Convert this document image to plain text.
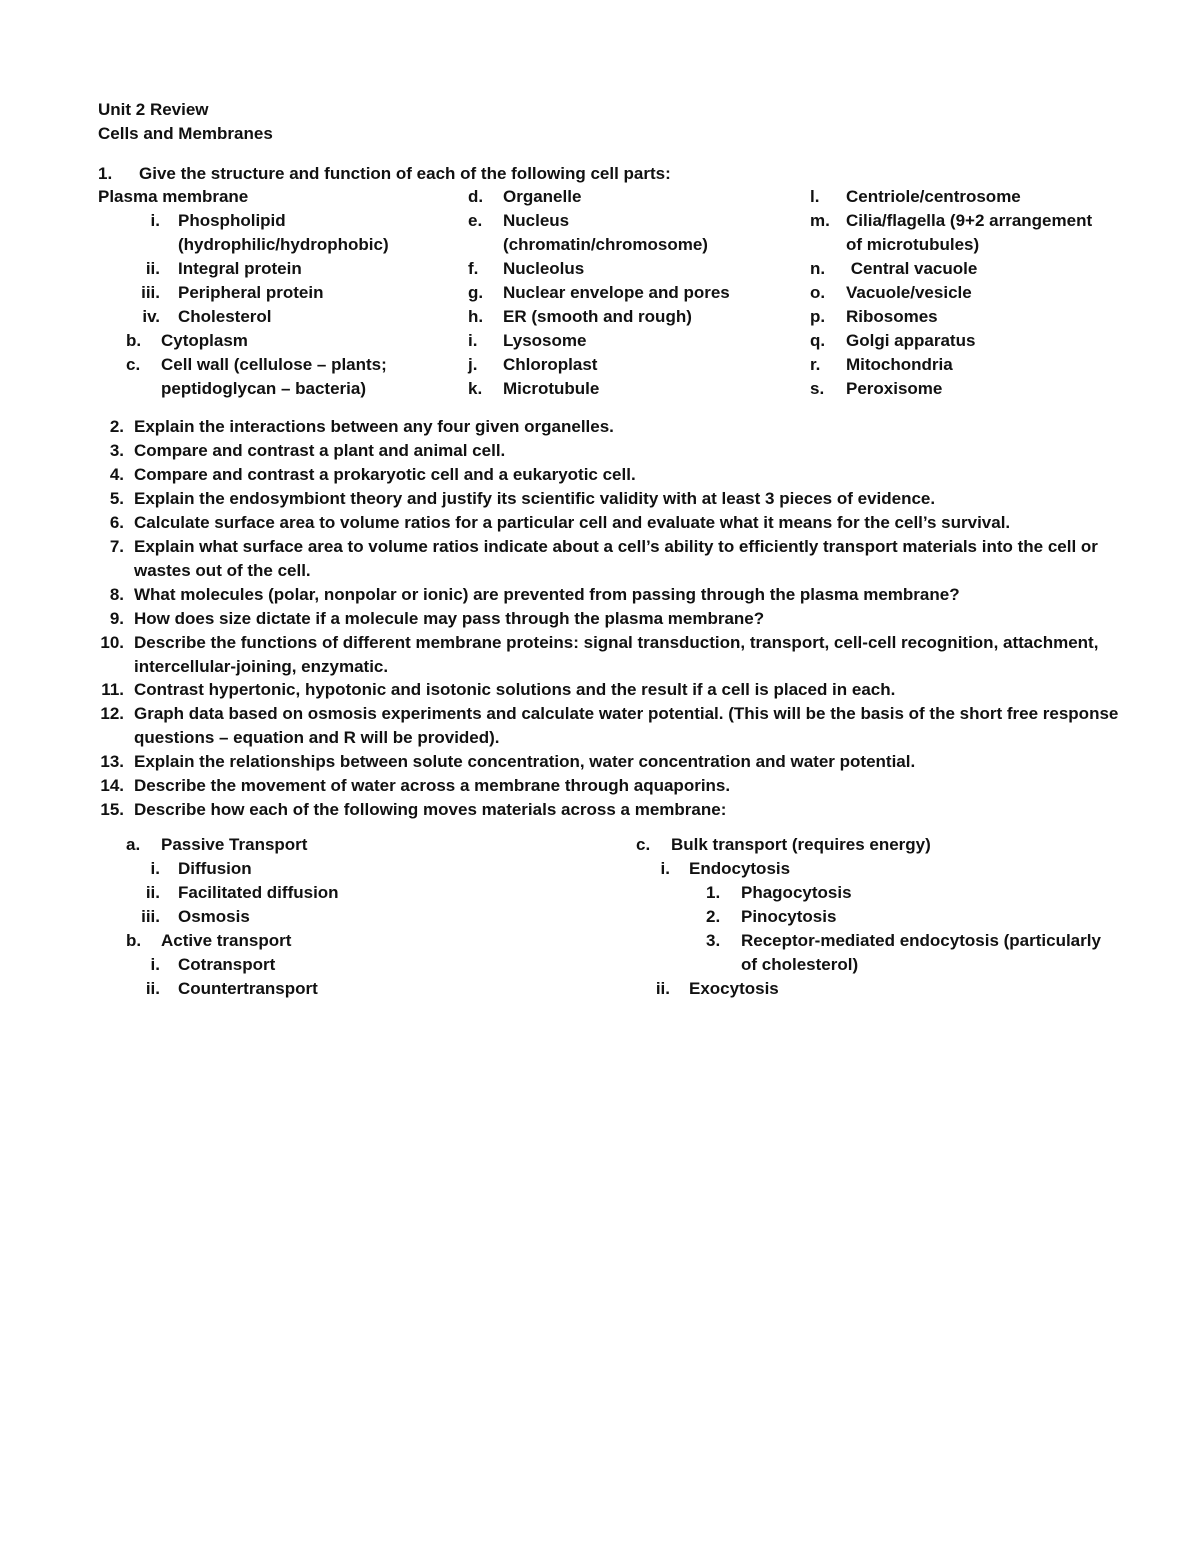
Unit 2 Review
Cells and Membranes
1. Give the structure and function of each of the following cell parts:
Plasma membrane
i. Phospholipid
(hydrophilic/hydrophobic)
ii. Integral protein
iii. Peripheral protein
iv. Cholesterol
b. Cytoplasm
c. Cell wall (cellulose – plants;
peptidoglycan – bacteria)
d. Organelle
e. Nucleus
(chromatin/chromosome)
f. Nucleolus
g. Nuclear envelope and pores
h. ER (smooth and rough)
i. Lysosome
j. Chloroplast
k. Microtubule
l. Centriole/centrosome
m. Cilia/flagella (9+2 arrangement
of microtubules)
n. Central vacuole
o. Vacuole/vesicle
p. Ribosomes
q. Golgi apparatus
r. Mitochondria
s. Peroxisome
2. Explain the interactions between any four given organelles.
3. Compare and contrast a plant and animal cell.
4. Compare and contrast a prokaryotic cell and a eukaryotic cell.
5. Explain the endosymbiont theory and justify its scientific validity with at least 3 pieces of evidence.
6. Calculate surface area to volume ratios for a particular cell and evaluate what it means for the cell’s survival.
7. Explain what surface area to volume ratios indicate about a cell’s ability to efficiently transport materials into the cell or
wastes out of the cell.
8. What molecules (polar, nonpolar or ionic) are prevented from passing through the plasma membrane?
9. How does size dictate if a molecule may pass through the plasma membrane?
10. Describe the functions of different membrane proteins: signal transduction, transport, cell-cell recognition, attachment,
intercellular-joining, enzymatic.
11. Contrast hypertonic, hypotonic and isotonic solutions and the result if a cell is placed in each.
12. Graph data based on osmosis experiments and calculate water potential. (This will be the basis of the short free response
questions – equation and R will be provided).
13. Explain the relationships between solute concentration, water concentration and water potential.
14. Describe the movement of water across a membrane through aquaporins.
15. Describe how each of the following moves materials across a membrane:
a. Passive Transport
i. Diffusion
ii. Facilitated diffusion
iii. Osmosis
b. Active transport
i. Cotransport
ii. Countertransport
c. Bulk transport (requires energy)
i. Endocytosis
1. Phagocytosis
2. Pinocytosis
3. Receptor-mediated endocytosis (particularly
of cholesterol)
ii. Exocytosis
